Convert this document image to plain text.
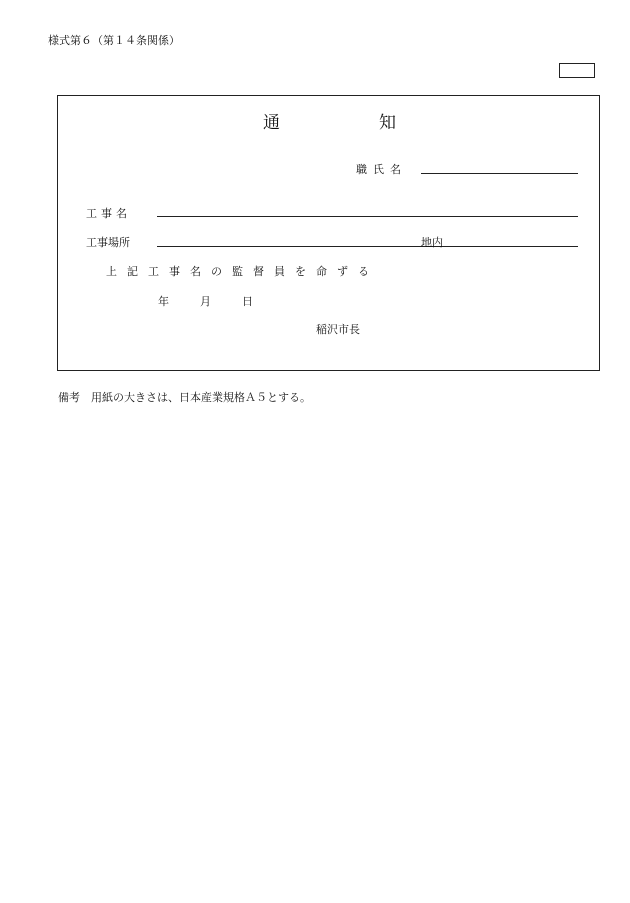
様式第６（第１４条関係）
通	知
職氏名
工事名
工事場所	地内
上記工事名の監督員を命ずる
年	月	日
稲沢市長
備考　用紙の大きさは、日本産業規格Ａ５とする。
